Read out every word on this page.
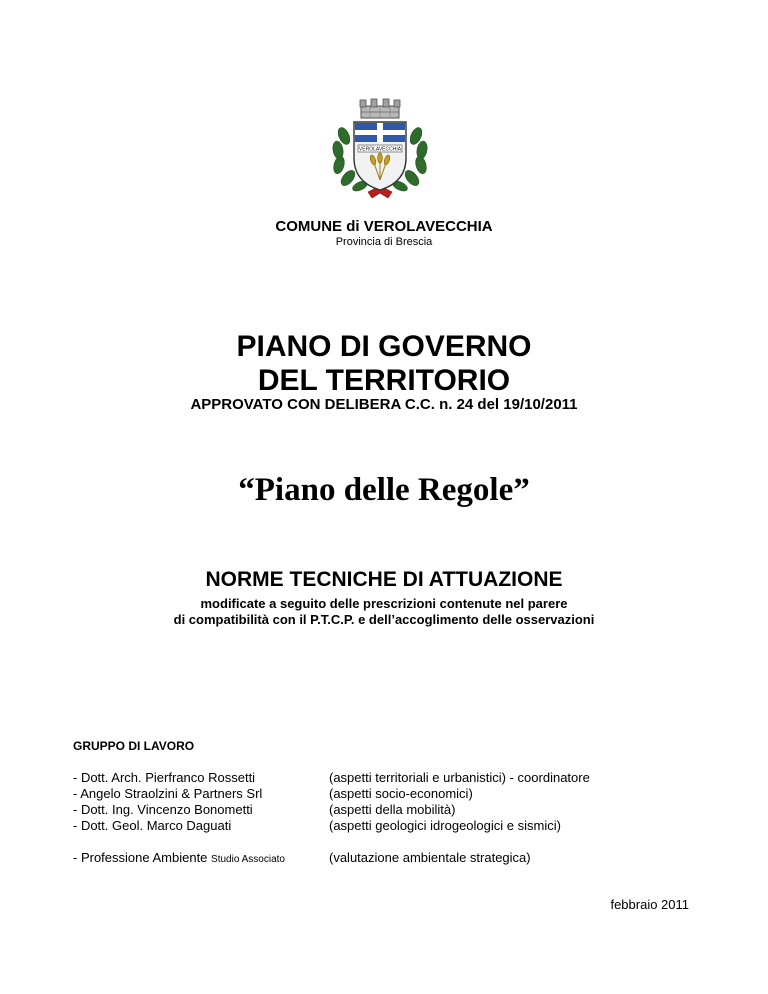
VEROLAVECCHIA
COMUNE di VEROLAVECCHIA
Provincia di Brescia
PIANO DI GOVERNO
DEL TERRITORIO
APPROVATO CON DELIBERA C.C. n. 24 del 19/10/2011
“Piano delle Regole”
NORME TECNICHE DI ATTUAZIONE
modificate a seguito delle prescrizioni contenute nel parere
di compatibilità con il P.T.C.P. e dell’accoglimento delle osservazioni
GRUPPO DI LAVORO
- Dott. Arch. Pierfranco Rossetti	(aspetti territoriali e urbanistici) - coordinatore
- Angelo Straolzini & Partners Srl	(aspetti socio-economici)
- Dott. Ing. Vincenzo Bonometti	(aspetti della mobilità)
- Dott. Geol. Marco Daguati	(aspetti geologici idrogeologici e sismici)
- Professione Ambiente Studio Associato	(valutazione ambientale strategica)
febbraio 2011
